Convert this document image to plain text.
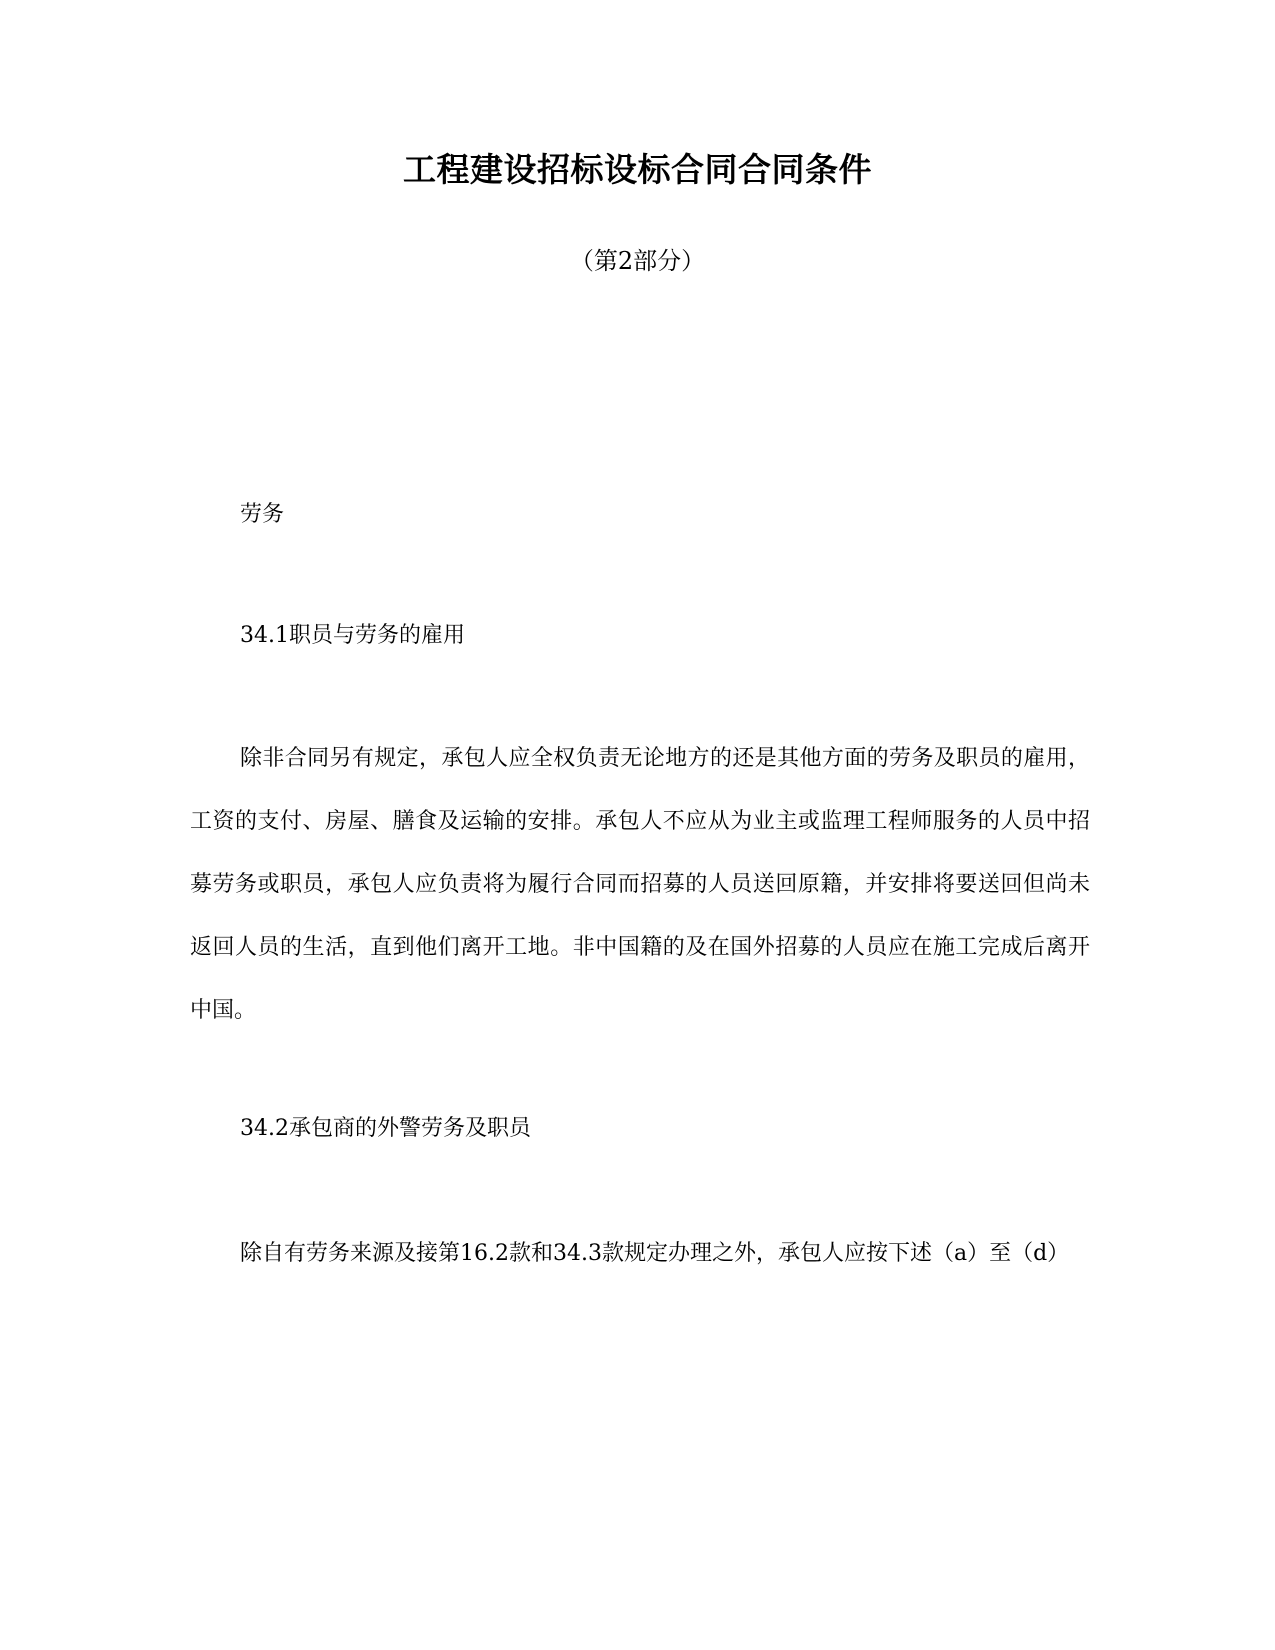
工程建设招标设标合同合同条件
（第2部分）
劳务
34.1职员与劳务的雇用

除非合同另有规定，承包人应全权负责无论地方的还是其他方面的劳务及职员的雇用，工资的支付、房屋、膳食及运输的安排。承包人不应从为业主或监理工程师服务的人员中招募劳务或职员，承包人应负责将为履行合同而招募的人员送回原籍，并安排将要送回但尚未返回人员的生活，直到他们离开工地。非中国籍的及在国外招募的人员应在施工完成后离开中国。

34.2承包商的外警劳务及职员

除自有劳务来源及接第16.2款和34.3款规定办理之外，承包人应按下述（a）至（d）
